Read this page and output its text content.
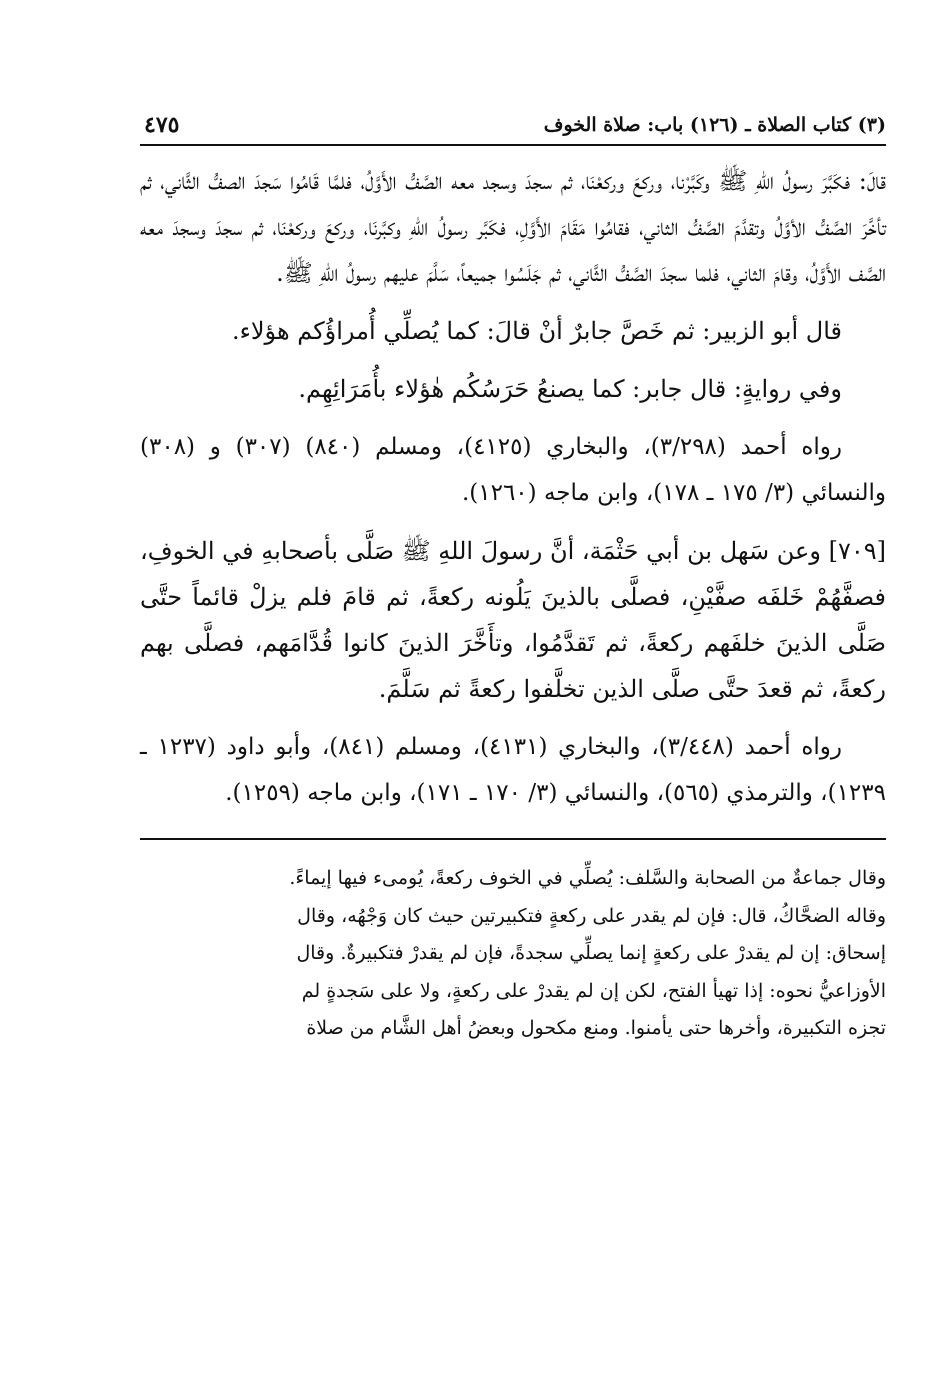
(٣) كتاب الصلاة ـ (١٢٦) باب: صلاة الخوف
٤٧٥

قالَ: فكَبَّرَ رسولُ اللهِ ﷺ وكَبَّرْنا، وركعَ وركعْنَا، ثم سجدَ وسجد معه الصَّفُّ الأَوَّلُ، فلمَّا قَامُوا سَجدَ الصفُّ الثَّاني، ثم تأخَّرَ الصَّفُّ الأوَّلُ وتقدَّمَ الصَّفُّ الثاني، فقامُوا مَقَامَ الأَوَّلِ، فكَبَّر رسولُ اللهِ وكبَّرنَا، وركعَ وركعْنَا، ثم سجدَ وسجدَ معه الصَّف الأَوَّلُ، وقامَ الثاني، فلما سجدَ الصَّفُّ الثَّاني، ثم جَلَسُوا جميعاً، سَلَّمَ عليهم رسولُ اللهِ ﷺ.

قال أبو الزبير: ثم خَصَّ جابرٌ أنْ قالَ: كما يُصلِّي أُمراؤُكم هؤلاء.

وفي روايةٍ: قال جابر: كما يصنعُ حَرَسُكُم هٰؤلاء بأُمَرَائِهِم.

رواه أحمد (٣/٢٩٨)، والبخاري (٤١٢٥)، ومسلم (٨٤٠) (٣٠٧) و (٣٠٨) والنسائي (٣/ ١٧٥ ـ ١٧٨)، وابن ماجه (١٢٦٠).

[٧٠٩] وعن سَهل بن أبي حَثْمَة، أنَّ رسولَ اللهِ ﷺ صَلَّى بأصحابهِ في الخوفِ، فصفَّهُمْ خَلفَه صفَّيْنِ، فصلَّى بالذينَ يَلُونه ركعةً، ثم قامَ فلم يزلْ قائماً حتَّى صَلَّى الذينَ خلفَهم ركعةً، ثم تَقدَّمُوا، وتأَخَّرَ الذينَ كانوا قُدَّامَهم، فصلَّى بهم ركعةً، ثم قعدَ حتَّى صلَّى الذين تخلَّفوا ركعةً ثم سَلَّمَ.

رواه أحمد (٣/٤٤٨)، والبخاري (٤١٣١)، ومسلم (٨٤١)، وأبو داود (١٢٣٧ ـ ١٢٣٩)، والترمذي (٥٦٥)، والنسائي (٣/ ١٧٠ ـ ١٧١)، وابن ماجه (١٢٥٩).

وقال جماعةٌ من الصحابة والسَّلف: يُصلِّي في الخوف ركعةً، يُومىء فيها إيماءً.

وقاله الضحَّاكُ، قال: فإن لم يقدر على ركعةٍ فتكبيرتين حيث كان وَجْهُه، وقال

إسحاق: إن لم يقدرْ على ركعةٍ إنما يصلِّي سجدةً، فإن لم يقدرْ فتكبيرةٌ. وقال

الأوزاعيُّ نحوه: إذا تهيأ الفتح، لكن إن لم يقدرْ على ركعةٍ، ولا على سَجدةٍ لم

تجزه التكبيرة، وأخرها حتى يأمنوا. ومنع مكحول وبعضُ أهل الشَّام من صلاة
